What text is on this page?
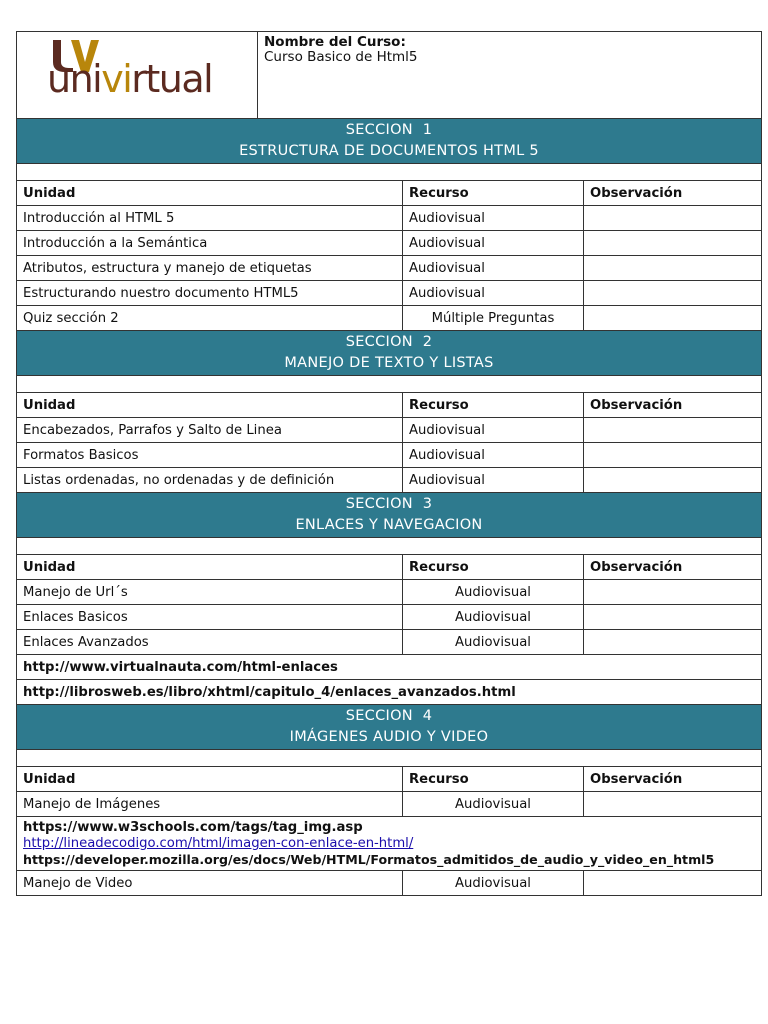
univirtual	Nombre del Curso:
Curso Basico de Html5		

SECCION  1
ESTRUCTURA DE DOCUMENTOS HTML 5			

Unidad		Recurso	Observación
Introducción al HTML 5		Audiovisual	
Introducción a la Semántica		Audiovisual	
Atributos, estructura y manejo de etiquetas		Audiovisual	
Estructurando nuestro documento HTML5		Audiovisual	
Quiz sección 2		Múltiple Preguntas	

SECCION  2
MANEJO DE TEXTO Y LISTAS			

Unidad		Recurso	Observación
Encabezados, Parrafos y Salto de Linea		Audiovisual	
Formatos Basicos		Audiovisual	
Listas ordenadas, no ordenadas y de definición		Audiovisual	

SECCION  3
ENLACES Y NAVEGACION			

Unidad		Recurso	Observación
Manejo de Url´s		Audiovisual	
Enlaces Basicos		Audiovisual	
Enlaces Avanzados		Audiovisual	
http://www.virtualnauta.com/html-enlaces			
http://librosweb.es/libro/xhtml/capitulo_4/enlaces_avanzados.html			

SECCION  4
IMÁGENES AUDIO Y VIDEO			

Unidad		Recurso	Observación
Manejo de Imágenes		Audiovisual	

https://www.w3schools.com/tags/tag_img.asp
http://lineadecodigo.com/html/imagen-con-enlace-en-html/
https://developer.mozilla.org/es/docs/Web/HTML/Formatos_admitidos_de_audio_y_video_en_html5			

Manejo de Video		Audiovisual	
